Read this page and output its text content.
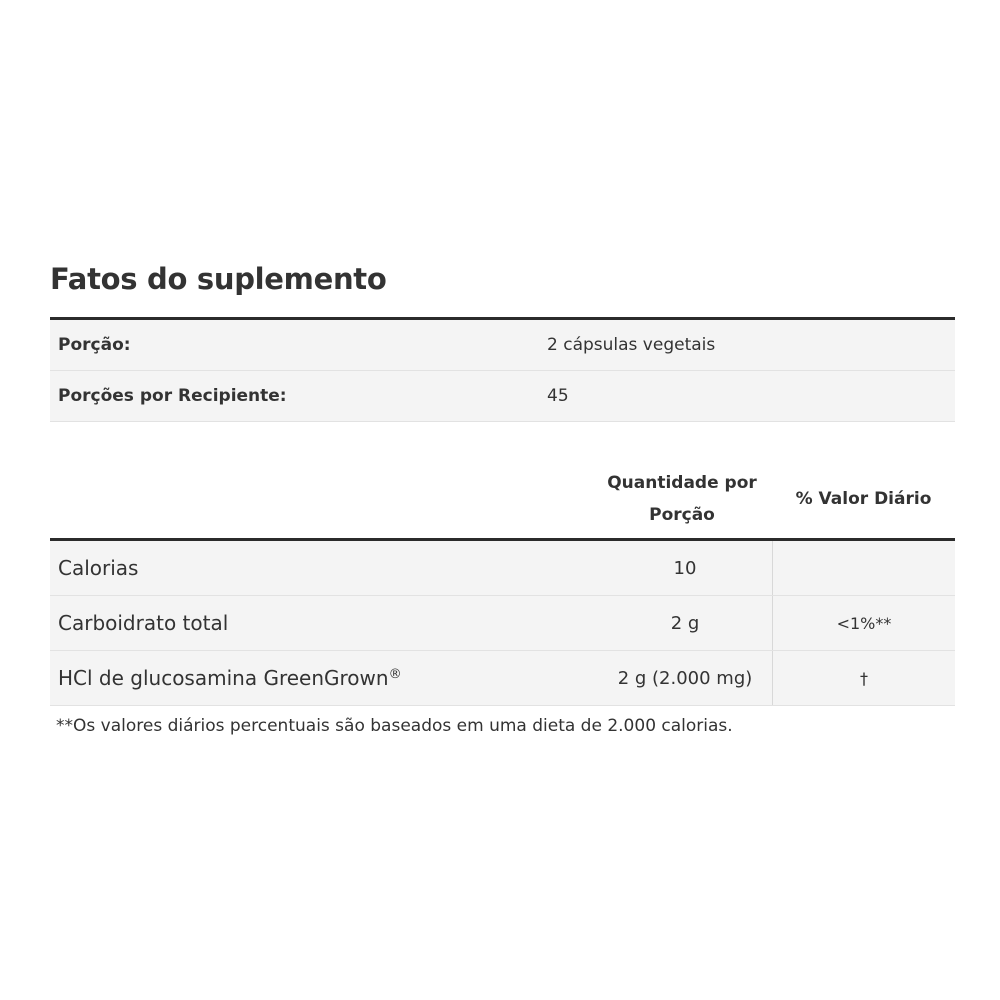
Fatos do suplemento
Porção:	2 cápsulas vegetais
Porções por Recipiente:	45
Quantidade por
Porção
% Valor Diário
Calorias	10
Carboidrato total	2 g	<1%**
HCl de glucosamina GreenGrown®	2 g (2.000 mg)	†

**Os valores diários percentuais são baseados em uma dieta de 2.000 calorias.
